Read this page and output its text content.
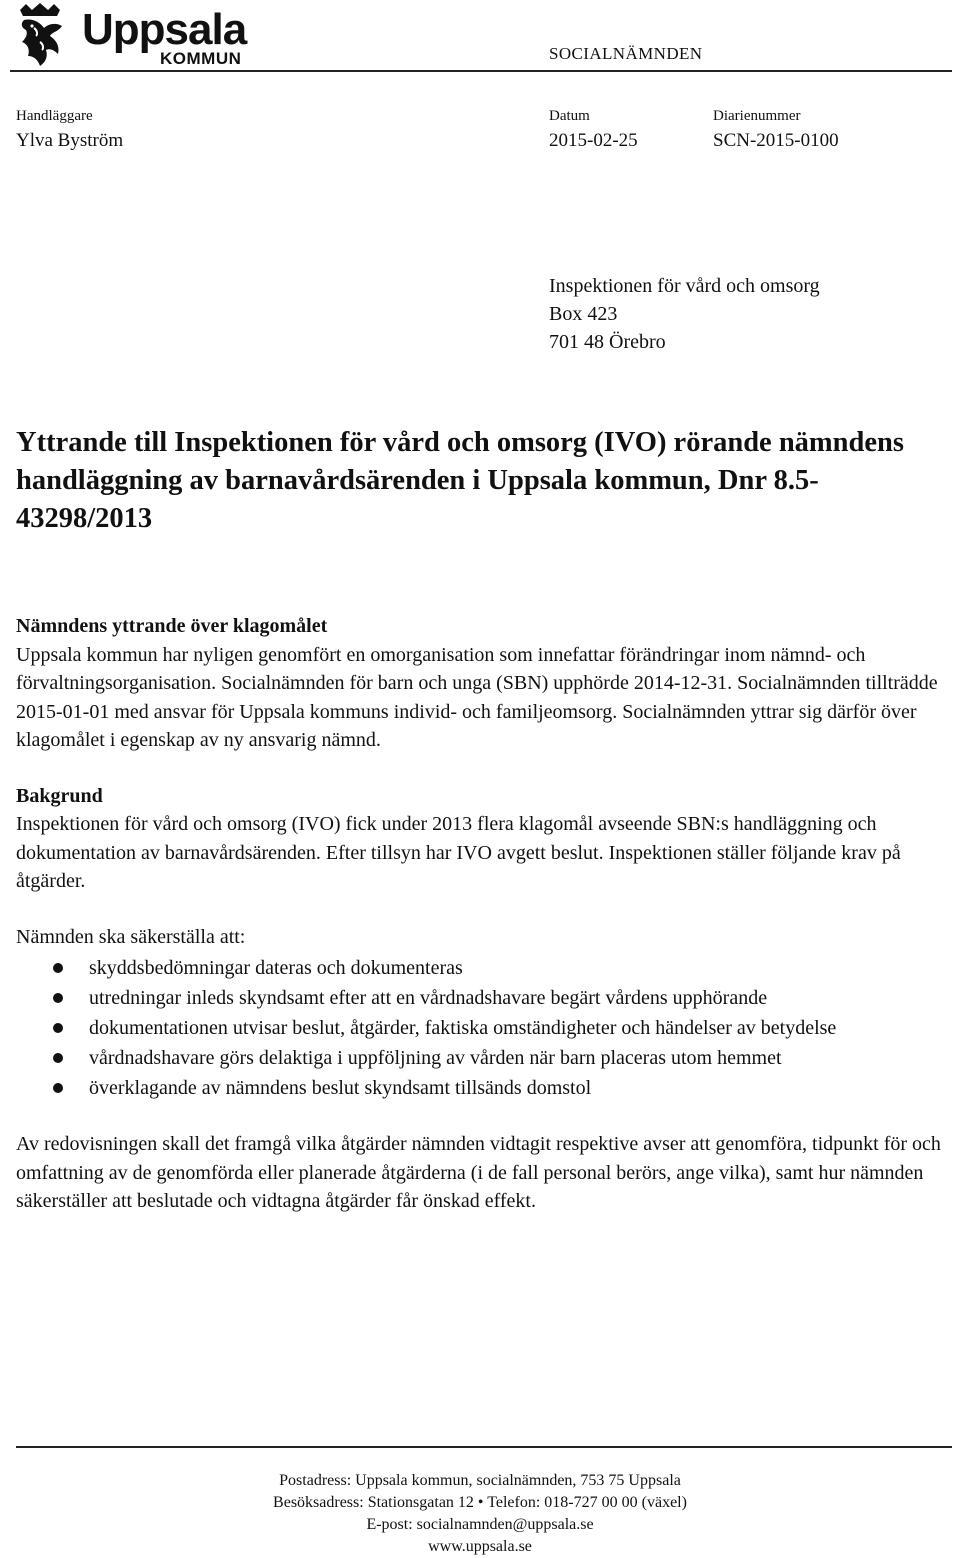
Uppsala
KOMMUN	SOCIALNÄMNDEN
Handläggare
Ylva Byström
Datum
2015-02-25
Diarienummer
SCN-2015-0100
Inspektionen för vård och omsorg
Box 423
701 48 Örebro
Yttrande till Inspektionen för vård och omsorg (IVO) rörande nämndens handläggning av barnavårdsärenden i Uppsala kommun, Dnr 8.5-43298/2013
Nämndens yttrande över klagomålet

Uppsala kommun har nyligen genomfört en omorganisation som innefattar förändringar inom nämnd- och förvaltningsorganisation. Socialnämnden för barn och unga (SBN) upphörde 2014-12-31. Socialnämnden tillträdde 2015-01-01 med ansvar för Uppsala kommuns individ- och familjeomsorg. Socialnämnden yttrar sig därför över klagomålet i egenskap av ny ansvarig nämnd.

Bakgrund

Inspektionen för vård och omsorg (IVO) fick under 2013 flera klagomål avseende SBN:s handläggning och dokumentation av barnavårdsärenden. Efter tillsyn har IVO avgett beslut. Inspektionen ställer följande krav på åtgärder.

Nämnden ska säkerställa att:

skyddsbedömningar dateras och dokumenteras
utredningar inleds skyndsamt efter att en vårdnadshavare begärt vårdens upphörande
dokumentationen utvisar beslut, åtgärder, faktiska omständigheter och händelser av betydelse
vårdnadshavare görs delaktiga i uppföljning av vården när barn placeras utom hemmet
överklagande av nämndens beslut skyndsamt tillsänds domstol

Av redovisningen skall det framgå vilka åtgärder nämnden vidtagit respektive avser att genomföra, tidpunkt för och omfattning av de genomförda eller planerade åtgärderna (i de fall personal berörs, ange vilka), samt hur nämnden säkerställer att beslutade och vidtagna åtgärder får önskad effekt.

Postadress: Uppsala kommun, socialnämnden, 753 75 Uppsala
Besöksadress: Stationsgatan 12 • Telefon: 018-727 00 00 (växel)
E-post: socialnamnden@uppsala.se
www.uppsala.se
